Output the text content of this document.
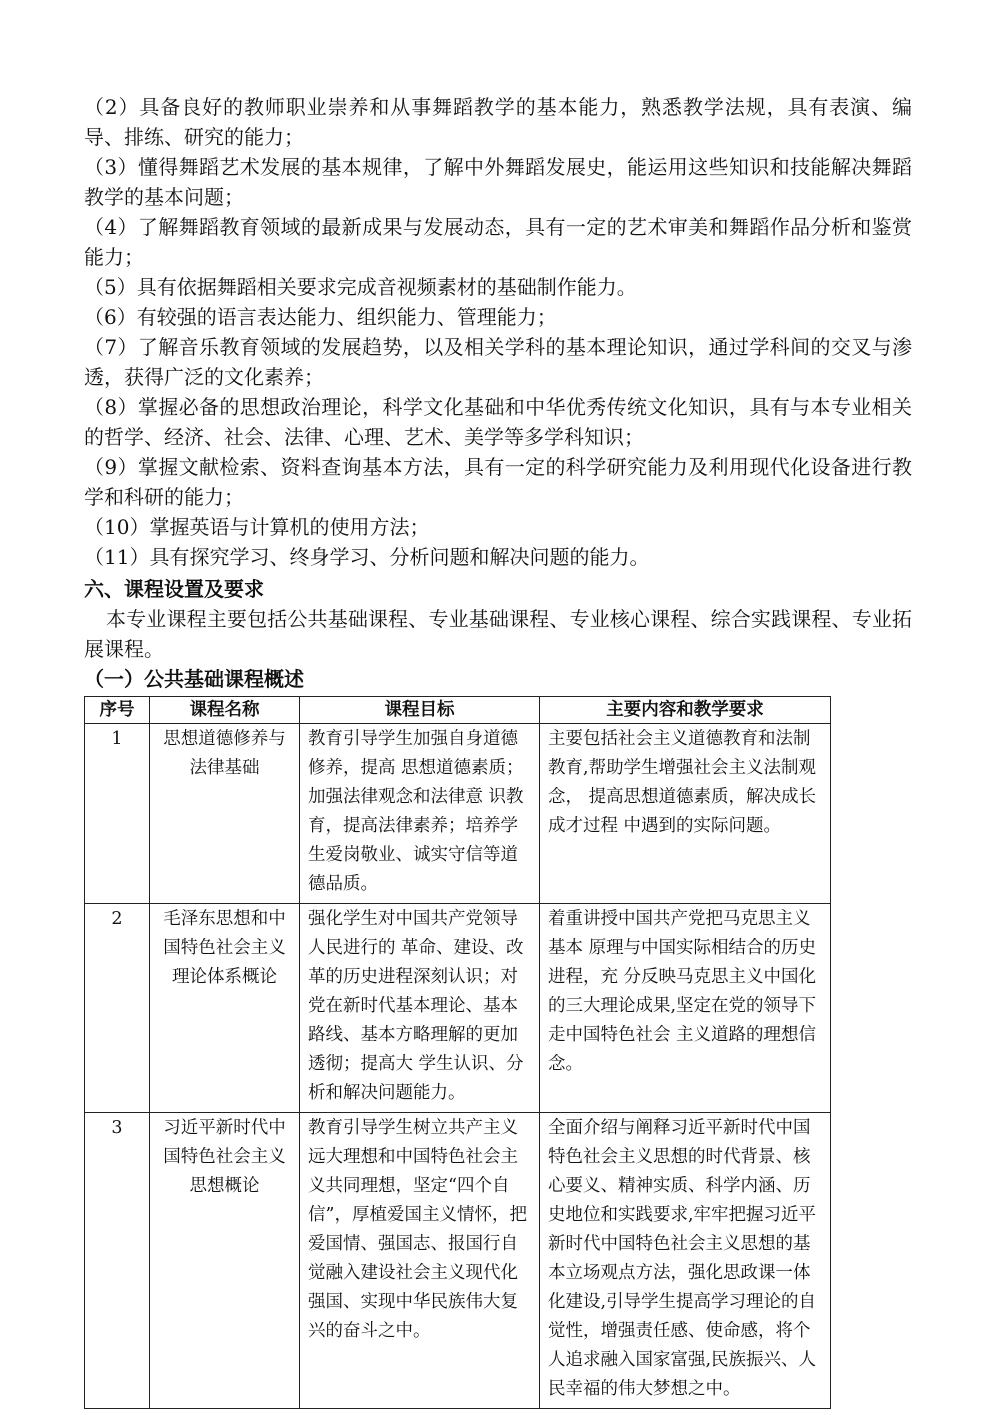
（2）具备良好的教师职业崇养和从事舞蹈教学的基本能力，熟悉教学法规，具有表演、编导、排练、研究的能力；

（3）懂得舞蹈艺术发展的基本规律，了解中外舞蹈发展史，能运用这些知识和技能解决舞蹈教学的基本问题；

（4）了解舞蹈教育领域的最新成果与发展动态，具有一定的艺术审美和舞蹈作品分析和鉴赏能力；

（5）具有依据舞蹈相关要求完成音视频素材的基础制作能力。

（6）有较强的语言表达能力、组织能力、管理能力；

（7）了解音乐教育领域的发展趋势，以及相关学科的基本理论知识，通过学科间的交叉与渗透，获得广泛的文化素养；

（8）掌握必备的思想政治理论，科学文化基础和中华优秀传统文化知识，具有与本专业相关的哲学、经济、社会、法律、心理、艺术、美学等多学科知识；

（9）掌握文献检索、资料查询基本方法，具有一定的科学研究能力及利用现代化设备进行教学和科研的能力；

（10）掌握英语与计算机的使用方法；

（11）具有探究学习、终身学习、分析问题和解决问题的能力。

六、课程设置及要求

本专业课程主要包括公共基础课程、专业基础课程、专业核心课程、综合实践课程、专业拓展课程。

（一）公共基础课程概述
序号	课程名称	课程目标	主要内容和教学要求
1	思想道德修养与法律基础	教育引导学生加强自身道德修养，提高 思想道德素质；加强法律观念和法律意 识教育，提高法律素养；培养学生爱岗敬业、诚实守信等道德品质。	主要包括社会主义道德教育和法制教育,帮助学生增强社会主义法制观念， 提高思想道德素质，解决成长成才过程 中遇到的实际问题。
2	毛泽东思想和中国特色社会主义理论体系概论	强化学生对中国共产党领导人民进行的 革命、建设、改革的历史进程深刻认识；对党在新时代基本理论、基本路线、基本方略理解的更加透彻；提高大 学生认识、分析和解决问题能力。	着重讲授中国共产党把马克思主义基本 原理与中国实际相结合的历史进程，充 分反映马克思主义中国化的三大理论成果,坚定在党的领导下走中国特色社会 主义道路的理想信念。
3	习近平新时代中国特色社会主义思想概论	教育引导学生树立共产主义远大理想和中国特色社会主义共同理想，坚定“四个自信”，厚植爱国主义情怀，把爱国情、强国志、报国行自觉融入建设社会主义现代化强国、实现中华民族伟大复兴的奋斗之中。	全面介绍与阐释习近平新时代中国特色社会主义思想的时代背景、核心要义、精神实质、科学内涵、历史地位和实践要求,牢牢把握习近平新时代中国特色社会主义思想的基本立场观点方法，强化思政课一体化建设,引导学生提高学习理论的自觉性，增强责任感、使命感，将个人追求融入国家富强,民族振兴、人民幸福的伟大梦想之中。
